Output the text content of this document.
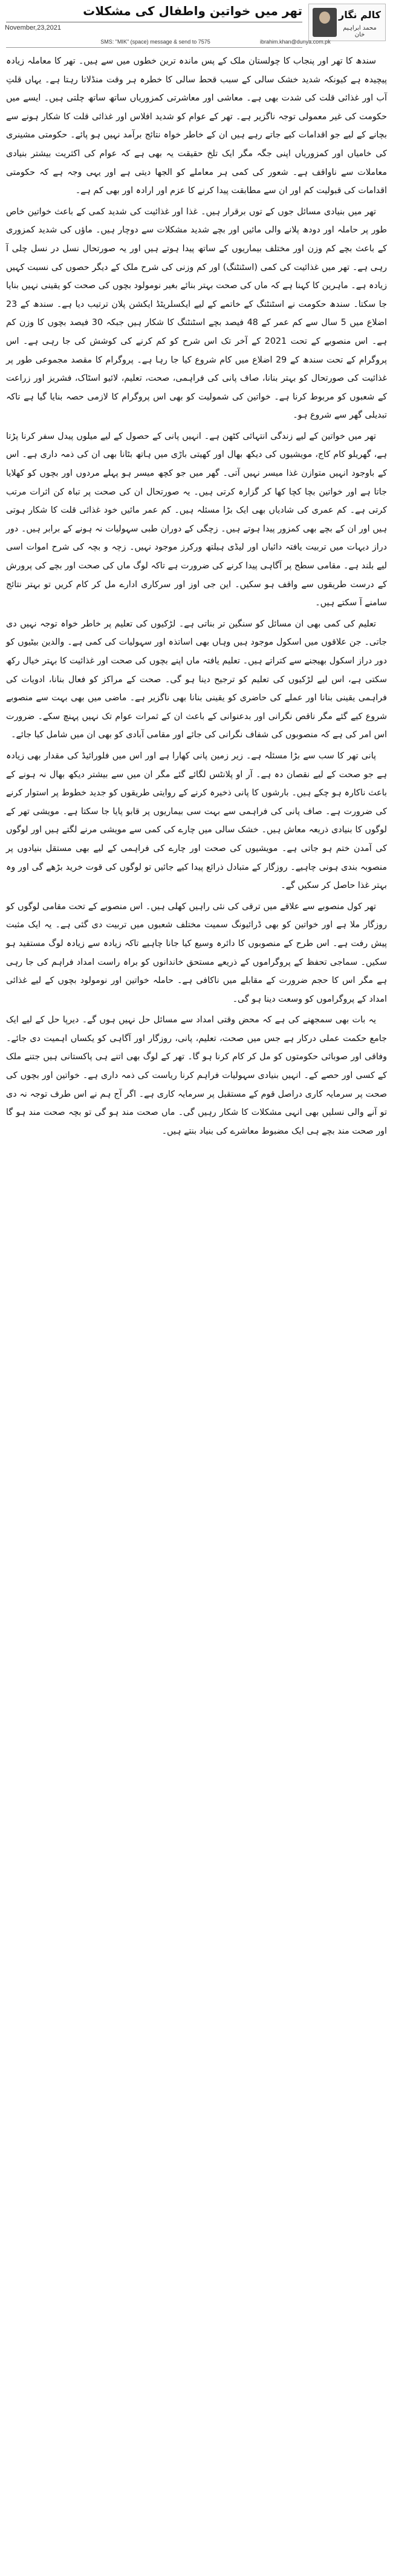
تھر میں خواتین واطفال کی مشکلات
November,23,2021
کالم نگار
محمد ابراہیم خان
SMS: "MIK" (space) message & send to 7575	ibrahim.khan@dunya.com.pk

سندھ کا تھر اور پنجاب کا چولستان ملک کے پس ماندہ ترین خطوں میں سے ہیں۔ تھر کا معاملہ زیادہ پیچیدہ ہے کیونکہ شدید خشک سالی کے سبب قحط سالی کا خطرہ ہر وقت منڈلاتا رہتا ہے۔ یہاں قلتِ آب اور غذائی قلت کی شدت بھی ہے۔ معاشی اور معاشرتی کمزوریاں ساتھ ساتھ چلتی ہیں۔ ایسے میں حکومت کی غیر معمولی توجہ ناگزیر ہے۔ تھر کے عوام کو شدید افلاس اور غذائی قلت کا شکار ہونے سے بچانے کے لیے جو اقدامات کیے جاتے رہے ہیں ان کے خاطر خواہ نتائج برآمد نہیں ہو پائے۔ حکومتی مشینری کی خامیاں اور کمزوریاں اپنی جگہ مگر ایک تلخ حقیقت یہ بھی ہے کہ عوام کی اکثریت بیشتر بنیادی معاملات سے ناواقف ہے۔ شعور کی کمی ہر معاملے کو الجھا دیتی ہے اور یہی وجہ ہے کہ حکومتی اقدامات کی قبولیت کم اور ان سے مطابقت پیدا کرنے کا عزم اور ارادہ اور بھی کم ہے۔

تھر میں بنیادی مسائل جوں کے توں برقرار ہیں۔ غذا اور غذائیت کی شدید کمی کے باعث خواتین خاص طور پر حاملہ اور دودھ پلانے والی مائیں اور بچے شدید مشکلات سے دوچار ہیں۔ ماؤں کی شدید کمزوری کے باعث بچے کم وزن اور مختلف بیماریوں کے ساتھ پیدا ہوتے ہیں اور یہ صورتحال نسل در نسل چلی آ رہی ہے۔ تھر میں غذائیت کی کمی (اسٹنٹنگ) اور کم وزنی کی شرح ملک کے دیگر حصوں کی نسبت کہیں زیادہ ہے۔ ماہرین کا کہنا ہے کہ ماں کی صحت بہتر بنائے بغیر نومولود بچوں کی صحت کو یقینی نہیں بنایا جا سکتا۔ سندھ حکومت نے اسٹنٹنگ کے خاتمے کے لیے ایکسلریٹڈ ایکشن پلان ترتیب دیا ہے۔ سندھ کے 23 اضلاع میں 5 سال سے کم عمر کے 48 فیصد بچے اسٹنٹنگ کا شکار ہیں جبکہ 30 فیصد بچوں کا وزن کم ہے۔ اس منصوبے کے تحت 2021 کے آخر تک اس شرح کو کم کرنے کی کوشش کی جا رہی ہے۔ اس پروگرام کے تحت سندھ کے 29 اضلاع میں کام شروع کیا جا رہا ہے۔ پروگرام کا مقصد مجموعی طور پر غذائیت کی صورتحال کو بہتر بنانا، صاف پانی کی فراہمی، صحت، تعلیم، لائیو اسٹاک، فشریز اور زراعت کے شعبوں کو مربوط کرنا ہے۔ خواتین کی شمولیت کو بھی اس پروگرام کا لازمی حصہ بنایا گیا ہے تاکہ تبدیلی گھر سے شروع ہو۔

تھر میں خواتین کے لیے زندگی انتہائی کٹھن ہے۔ انہیں پانی کے حصول کے لیے میلوں پیدل سفر کرنا پڑتا ہے، گھریلو کام کاج، مویشیوں کی دیکھ بھال اور کھیتی باڑی میں ہاتھ بٹانا بھی ان کی ذمہ داری ہے۔ اس کے باوجود انہیں متوازن غذا میسر نہیں آتی۔ گھر میں جو کچھ میسر ہو پہلے مردوں اور بچوں کو کھلایا جاتا ہے اور خواتین بچا کچا کھا کر گزارہ کرتی ہیں۔ یہ صورتحال ان کی صحت پر تباہ کن اثرات مرتب کرتی ہے۔ کم عمری کی شادیاں بھی ایک بڑا مسئلہ ہیں۔ کم عمر مائیں خود غذائی قلت کا شکار ہوتی ہیں اور ان کے بچے بھی کمزور پیدا ہوتے ہیں۔ زچگی کے دوران طبی سہولیات نہ ہونے کے برابر ہیں۔ دور دراز دیہات میں تربیت یافتہ دائیاں اور لیڈی ہیلتھ ورکرز موجود نہیں۔ زچہ و بچہ کی شرح اموات اسی لیے بلند ہے۔ مقامی سطح پر آگاہی پیدا کرنے کی ضرورت ہے تاکہ لوگ ماں کی صحت اور بچے کی پرورش کے درست طریقوں سے واقف ہو سکیں۔ این جی اوز اور سرکاری ادارے مل کر کام کریں تو بہتر نتائج سامنے آ سکتے ہیں۔

تعلیم کی کمی بھی ان مسائل کو سنگین تر بناتی ہے۔ لڑکیوں کی تعلیم پر خاطر خواہ توجہ نہیں دی جاتی۔ جن علاقوں میں اسکول موجود ہیں وہاں بھی اساتذہ اور سہولیات کی کمی ہے۔ والدین بیٹیوں کو دور دراز اسکول بھیجنے سے کتراتے ہیں۔ تعلیم یافتہ ماں اپنے بچوں کی صحت اور غذائیت کا بہتر خیال رکھ سکتی ہے، اس لیے لڑکیوں کی تعلیم کو ترجیح دینا ہو گی۔ صحت کے مراکز کو فعال بنانا، ادویات کی فراہمی یقینی بنانا اور عملے کی حاضری کو یقینی بنانا بھی ناگزیر ہے۔ ماضی میں بھی بہت سے منصوبے شروع کیے گئے مگر ناقص نگرانی اور بدعنوانی کے باعث ان کے ثمرات عوام تک نہیں پہنچ سکے۔ ضرورت اس امر کی ہے کہ منصوبوں کی شفاف نگرانی کی جائے اور مقامی آبادی کو بھی ان میں شامل کیا جائے۔

پانی تھر کا سب سے بڑا مسئلہ ہے۔ زیر زمین پانی کھارا ہے اور اس میں فلورائیڈ کی مقدار بھی زیادہ ہے جو صحت کے لیے نقصان دہ ہے۔ آر او پلانٹس لگائے گئے مگر ان میں سے بیشتر دیکھ بھال نہ ہونے کے باعث ناکارہ ہو چکے ہیں۔ بارشوں کا پانی ذخیرہ کرنے کے روایتی طریقوں کو جدید خطوط پر استوار کرنے کی ضرورت ہے۔ صاف پانی کی فراہمی سے بہت سی بیماریوں پر قابو پایا جا سکتا ہے۔ مویشی تھر کے لوگوں کا بنیادی ذریعہ معاش ہیں۔ خشک سالی میں چارے کی کمی سے مویشی مرنے لگتے ہیں اور لوگوں کی آمدن ختم ہو جاتی ہے۔ مویشیوں کی صحت اور چارے کی فراہمی کے لیے بھی مستقل بنیادوں پر منصوبہ بندی ہونی چاہیے۔ روزگار کے متبادل ذرائع پیدا کیے جائیں تو لوگوں کی قوت خرید بڑھے گی اور وہ بہتر غذا حاصل کر سکیں گے۔

تھر کول منصوبے سے علاقے میں ترقی کی نئی راہیں کھلی ہیں۔ اس منصوبے کے تحت مقامی لوگوں کو روزگار ملا ہے اور خواتین کو بھی ڈرائیونگ سمیت مختلف شعبوں میں تربیت دی گئی ہے۔ یہ ایک مثبت پیش رفت ہے۔ اس طرح کے منصوبوں کا دائرہ وسیع کیا جانا چاہیے تاکہ زیادہ سے زیادہ لوگ مستفید ہو سکیں۔ سماجی تحفظ کے پروگراموں کے ذریعے مستحق خاندانوں کو براہ راست امداد فراہم کی جا رہی ہے مگر اس کا حجم ضرورت کے مقابلے میں ناکافی ہے۔ حاملہ خواتین اور نومولود بچوں کے لیے غذائی امداد کے پروگراموں کو وسعت دینا ہو گی۔

یہ بات بھی سمجھنے کی ہے کہ محض وقتی امداد سے مسائل حل نہیں ہوں گے۔ دیرپا حل کے لیے ایک جامع حکمت عملی درکار ہے جس میں صحت، تعلیم، پانی، روزگار اور آگاہی کو یکساں اہمیت دی جائے۔ وفاقی اور صوبائی حکومتوں کو مل کر کام کرنا ہو گا۔ تھر کے لوگ بھی اتنے ہی پاکستانی ہیں جتنے ملک کے کسی اور حصے کے۔ انہیں بنیادی سہولیات فراہم کرنا ریاست کی ذمہ داری ہے۔ خواتین اور بچوں کی صحت پر سرمایہ کاری دراصل قوم کے مستقبل پر سرمایہ کاری ہے۔ اگر آج ہم نے اس طرف توجہ نہ دی تو آنے والی نسلیں بھی انہی مشکلات کا شکار رہیں گی۔ ماں صحت مند ہو گی تو بچہ صحت مند ہو گا اور صحت مند بچے ہی ایک مضبوط معاشرے کی بنیاد بنتے ہیں۔
